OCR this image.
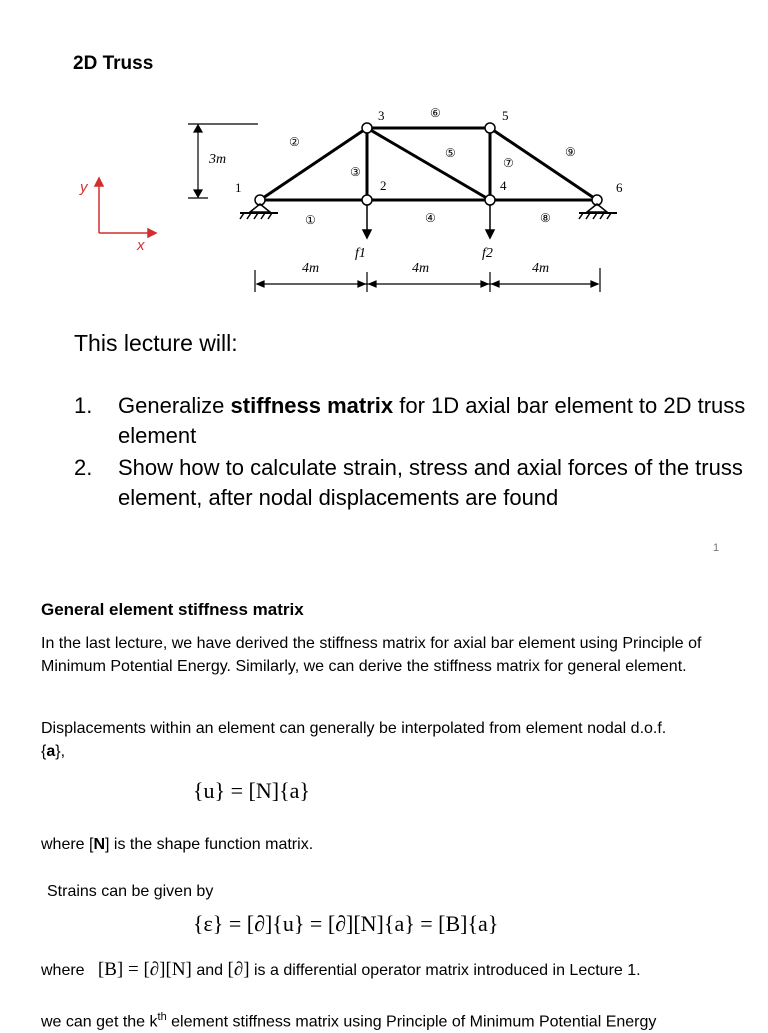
2D Truss
3m
1	2
3
4
5
6
①
②
③
④
⑤
⑥
⑦
⑧
⑨
f1	f2
4m	4m	4m
y
x
This lecture will:
1. Generalize stiffness matrix for 1D axial bar element to 2D truss element
2. Show how to calculate strain, stress and axial forces of the truss element, after nodal displacements are found
1
General element stiffness matrix
In the last lecture, we have derived the stiffness matrix for axial bar element using Principle of Minimum Potential Energy. Similarly, we can derive the stiffness matrix for general element.
Displacements within an element can generally be interpolated from element nodal d.o.f.
{a},
{u} = [N]{a}
where [N] is the shape function matrix.
Strains can be given by
{ε} = [∂]{u} = [∂][N]{a} = [B]{a}
where [B] = [∂][N] and [∂] is a differential operator matrix introduced in Lecture 1.
we can get the $k^{th}$ element stiffness matrix using Principle of Minimum Potential Energy
